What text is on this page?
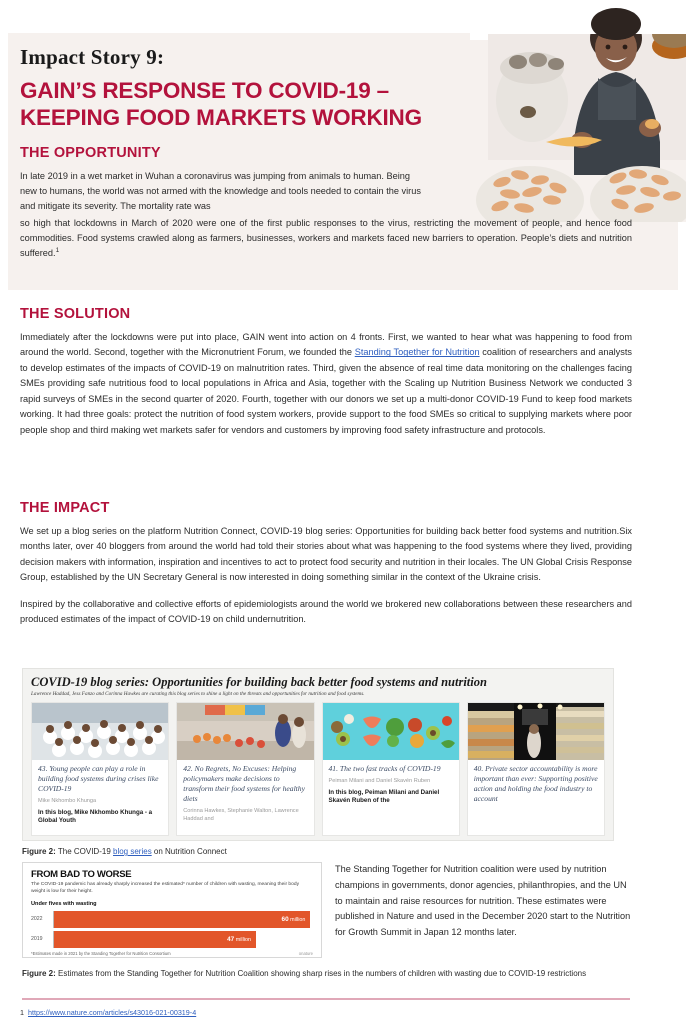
Impact Story 9:
GAIN’S RESPONSE TO COVID-19 – KEEPING FOOD MARKETS WORKING
THE OPPORTUNITY

In late 2019 in a wet market in Wuhan a coronavirus was jumping from animals to human. Being new to humans, the world was not armed with the knowledge and tools needed to contain the virus and mitigate its severity. The mortality rate was

so high that lockdowns in March of 2020 were one of the first public responses to the virus, restricting the movement of people, and hence food commodities. Food systems crawled along as farmers, businesses, workers and markets faced new barriers to operation. People’s diets and nutrition suffered.$^1$

THE SOLUTION

Immediately after the lockdowns were put into place, GAIN went into action on 4 fronts. First, we wanted to hear what was happening to food from around the world. Second, together with the Micronutrient Forum, we founded the Standing Together for Nutrition coalition of researchers and analysts to develop estimates of the impacts of COVID-19 on malnutrition rates. Third, given the absence of real time data monitoring on the challenges facing SMEs providing safe nutritious food to local populations in Africa and Asia, together with the Scaling up Nutrition Business Network we conducted 3 rapid surveys of SMEs in the second quarter of 2020. Fourth, together with our donors we set up a multi-donor COVID-19 Fund to keep food markets working. It had three goals: protect the nutrition of food system workers, provide support to the food SMEs so critical to supplying markets where poor people shop and third making wet markets safer for vendors and customers by improving food safety infrastructure and protocols.

THE IMPACT

We set up a blog series on the platform Nutrition Connect, COVID-19 blog series: Opportunities for building back better food systems and nutrition.Six months later, over 40 bloggers from around the world had told their stories about what was happening to the food systems where they lived, providing decision makers with information, inspiration and incentives to act to protect food security and nutrition in their locales. The UN Global Crisis Response Group, established by the UN Secretary General is now interested in doing something similar in the context of the Ukraine crisis.

Inspired by the collaborative and collective efforts of epidemiologists around the world we brokered new collaborations between these researchers and produced estimates of the impact of COVID-19 on child undernutrition.

COVID-19 blog series: Opportunities for building back better food systems and nutrition
Lawrence Haddad, Jess Fanzo and Corinna Hawkes are curating this blog series to shine a light on the threats and opportunities for nutrition and food systems.

43. Young people can play a role in building food systems during crises like COVID-19

Mike Nkhombo Khunga

In this blog, Mike Nkhombo Khunga - a Global Youth

42. No Regrets, No Excuses: Helping policymakers make decisions to transform their food systems for healthy diets

Corinna Hawkes, Stephanie Walton, Lawrence Haddad and

41. The two fast tracks of COVID-19

Peiman Milani and Daniel Skavén Ruben

In this blog, Peiman Milani and Daniel Skavén Ruben of the

40. Private sector accountability is more important than ever: Supporting positive action and holding the food industry to account

Figure 2: The COVID-19 blog series on Nutrition Connect
FROM BAD TO WORSE
The COVID-19 pandemic has already sharply increased the estimated* number of children with wasting, meaning their body weight is low for their height.
Under fives with wasting
2022	60 million
2019	47 million
*Estimates made in 2021 by the Standing Together for Nutrition Consortium	onature
The Standing Together for Nutrition coalition were used by nutrition champions in governments, donor agencies, philanthropies, and the UN to maintain and raise resources for nutrition. These estimates were published in Nature and used in the December 2020 start to the Nutrition for Growth Summit in Japan 12 months later.
Figure 2: Estimates from the Standing Together for Nutrition Coalition showing sharp rises in the numbers of children with wasting due to COVID-19 restrictions
1 https://www.nature.com/articles/s43016-021-00319-4
